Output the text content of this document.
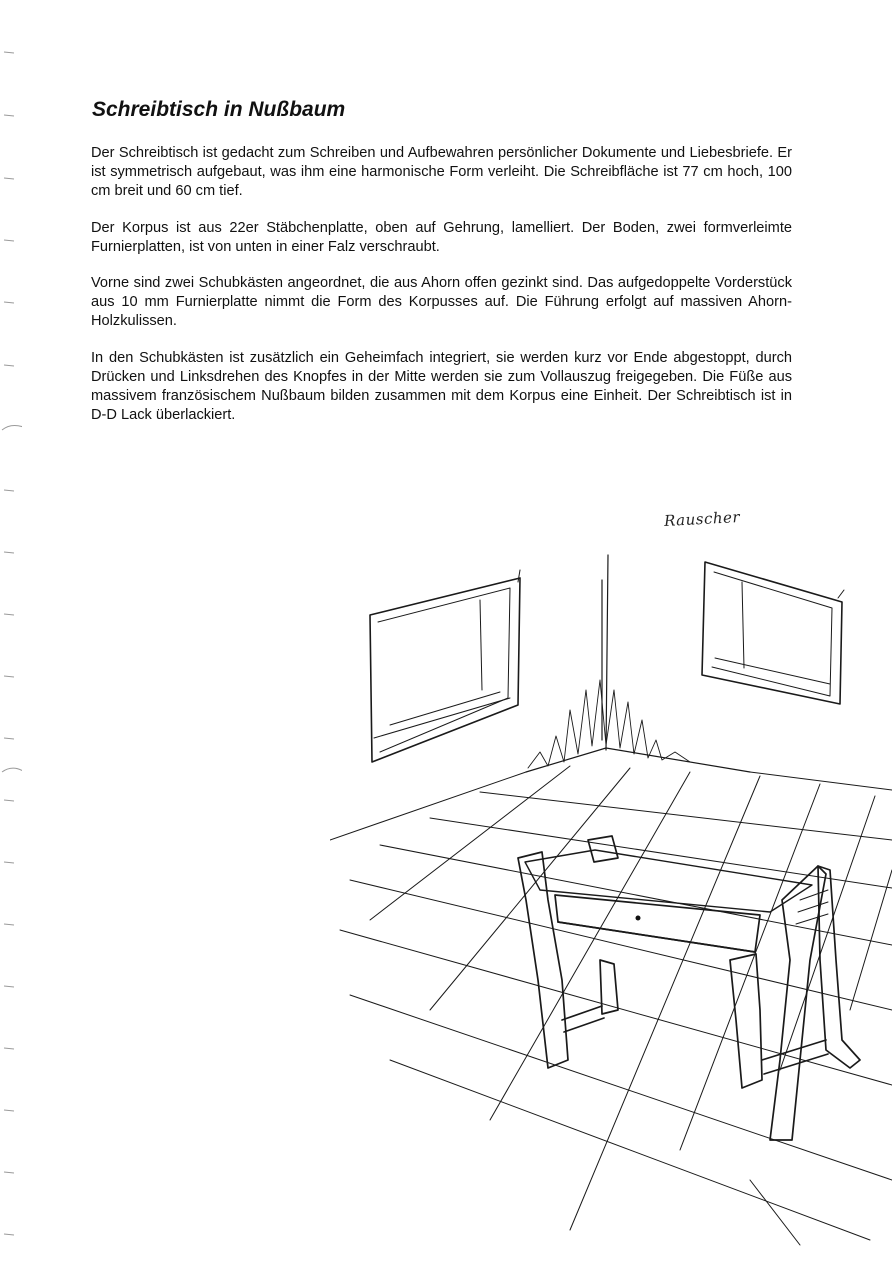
Schreibtisch in Nußbaum

Der Schreibtisch ist gedacht zum Schreiben und Aufbewahren persönlicher Dokumente und Liebesbriefe. Er ist symmetrisch aufgebaut, was ihm eine harmonische Form verleiht. Die Schreibfläche ist 77 cm hoch, 100 cm breit und 60 cm tief.

Der Korpus ist aus 22er Stäbchenplatte, oben auf Gehrung, lamelliert. Der Boden, zwei formverleimte Furnierplatten, ist von unten in einer Falz verschraubt.

Vorne sind zwei Schubkästen angeordnet, die aus Ahorn offen gezinkt sind. Das aufgedoppelte Vorderstück aus 10 mm Furnierplatte nimmt die Form des Korpusses auf. Die Führung erfolgt auf massiven Ahorn-Holzkulissen.

In den Schubkästen ist zusätzlich ein Geheimfach integriert, sie werden kurz vor Ende abgestoppt, durch Drücken und Linksdrehen des Knopfes in der Mitte werden sie zum Vollauszug freigegeben. Die Füße aus massivem französischem Nußbaum bilden zusammen mit dem Korpus eine Einheit. Der Schreibtisch ist in D-D Lack überlackiert.

Rauscher
